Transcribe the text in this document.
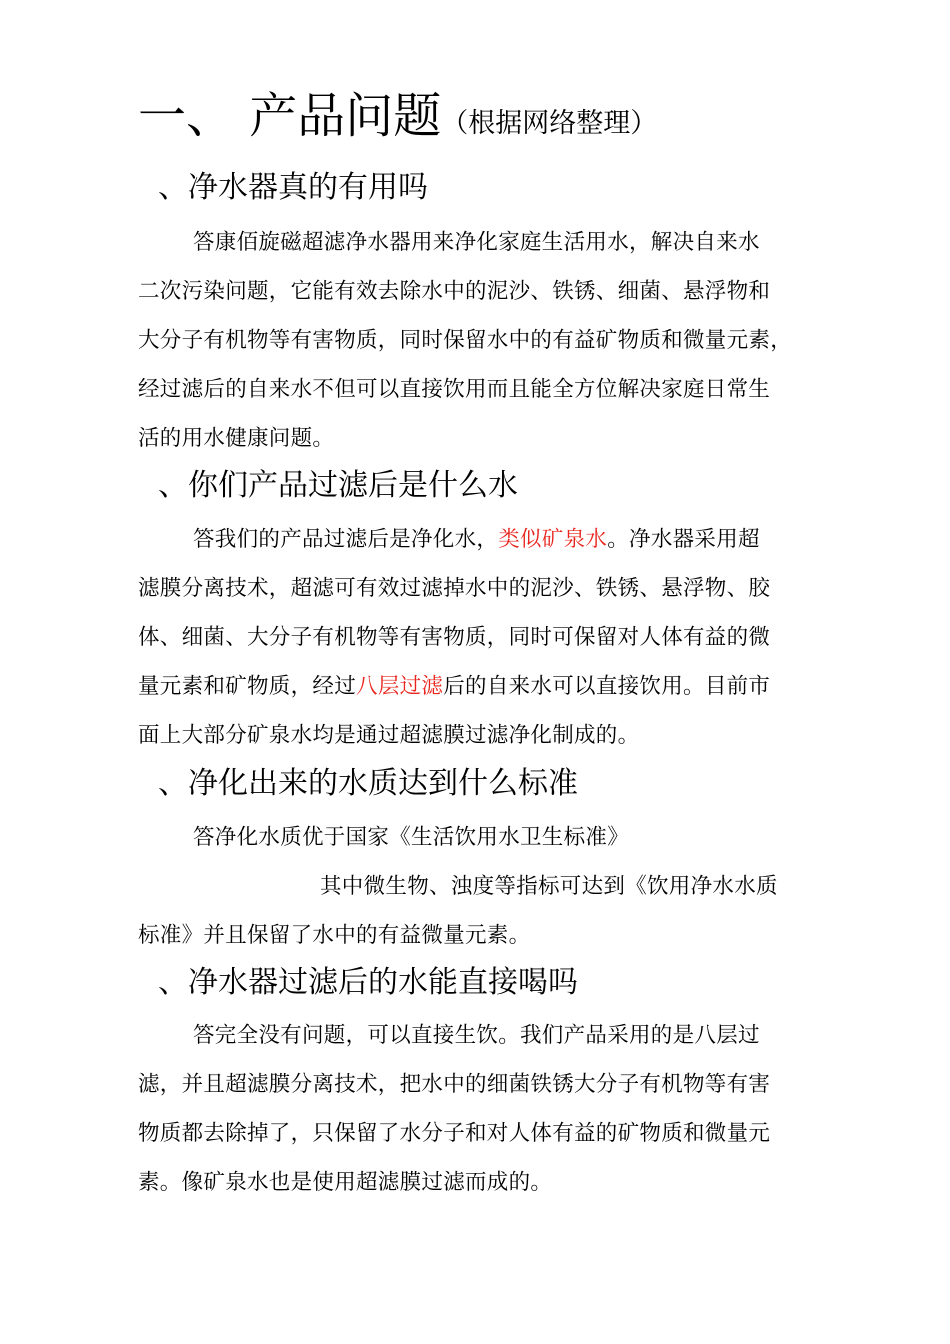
一、 产品问题（根据网络整理）
、净水器真的有用吗
答康佰旋磁超滤净水器用来净化家庭生活用水，解决自来水
二次污染问题，它能有效去除水中的泥沙、铁锈、细菌、悬浮物和
大分子有机物等有害物质，同时保留水中的有益矿物质和微量元素，
经过滤后的自来水不但可以直接饮用而且能全方位解决家庭日常生
活的用水健康问题。
、你们产品过滤后是什么水
答我们的产品过滤后是净化水，类似矿泉水。净水器采用超
滤膜分离技术，超滤可有效过滤掉水中的泥沙、铁锈、悬浮物、胶
体、细菌、大分子有机物等有害物质，同时可保留对人体有益的微
量元素和矿物质，经过八层过滤后的自来水可以直接饮用。目前市
面上大部分矿泉水均是通过超滤膜过滤净化制成的。
、净化出来的水质达到什么标准
答净化水质优于国家《生活饮用水卫生标准》
其中微生物、浊度等指标可达到《饮用净水水质
标准》并且保留了水中的有益微量元素。
、净水器过滤后的水能直接喝吗
答完全没有问题，可以直接生饮。我们产品采用的是八层过
滤，并且超滤膜分离技术，把水中的细菌铁锈大分子有机物等有害
物质都去除掉了，只保留了水分子和对人体有益的矿物质和微量元
素。像矿泉水也是使用超滤膜过滤而成的。
